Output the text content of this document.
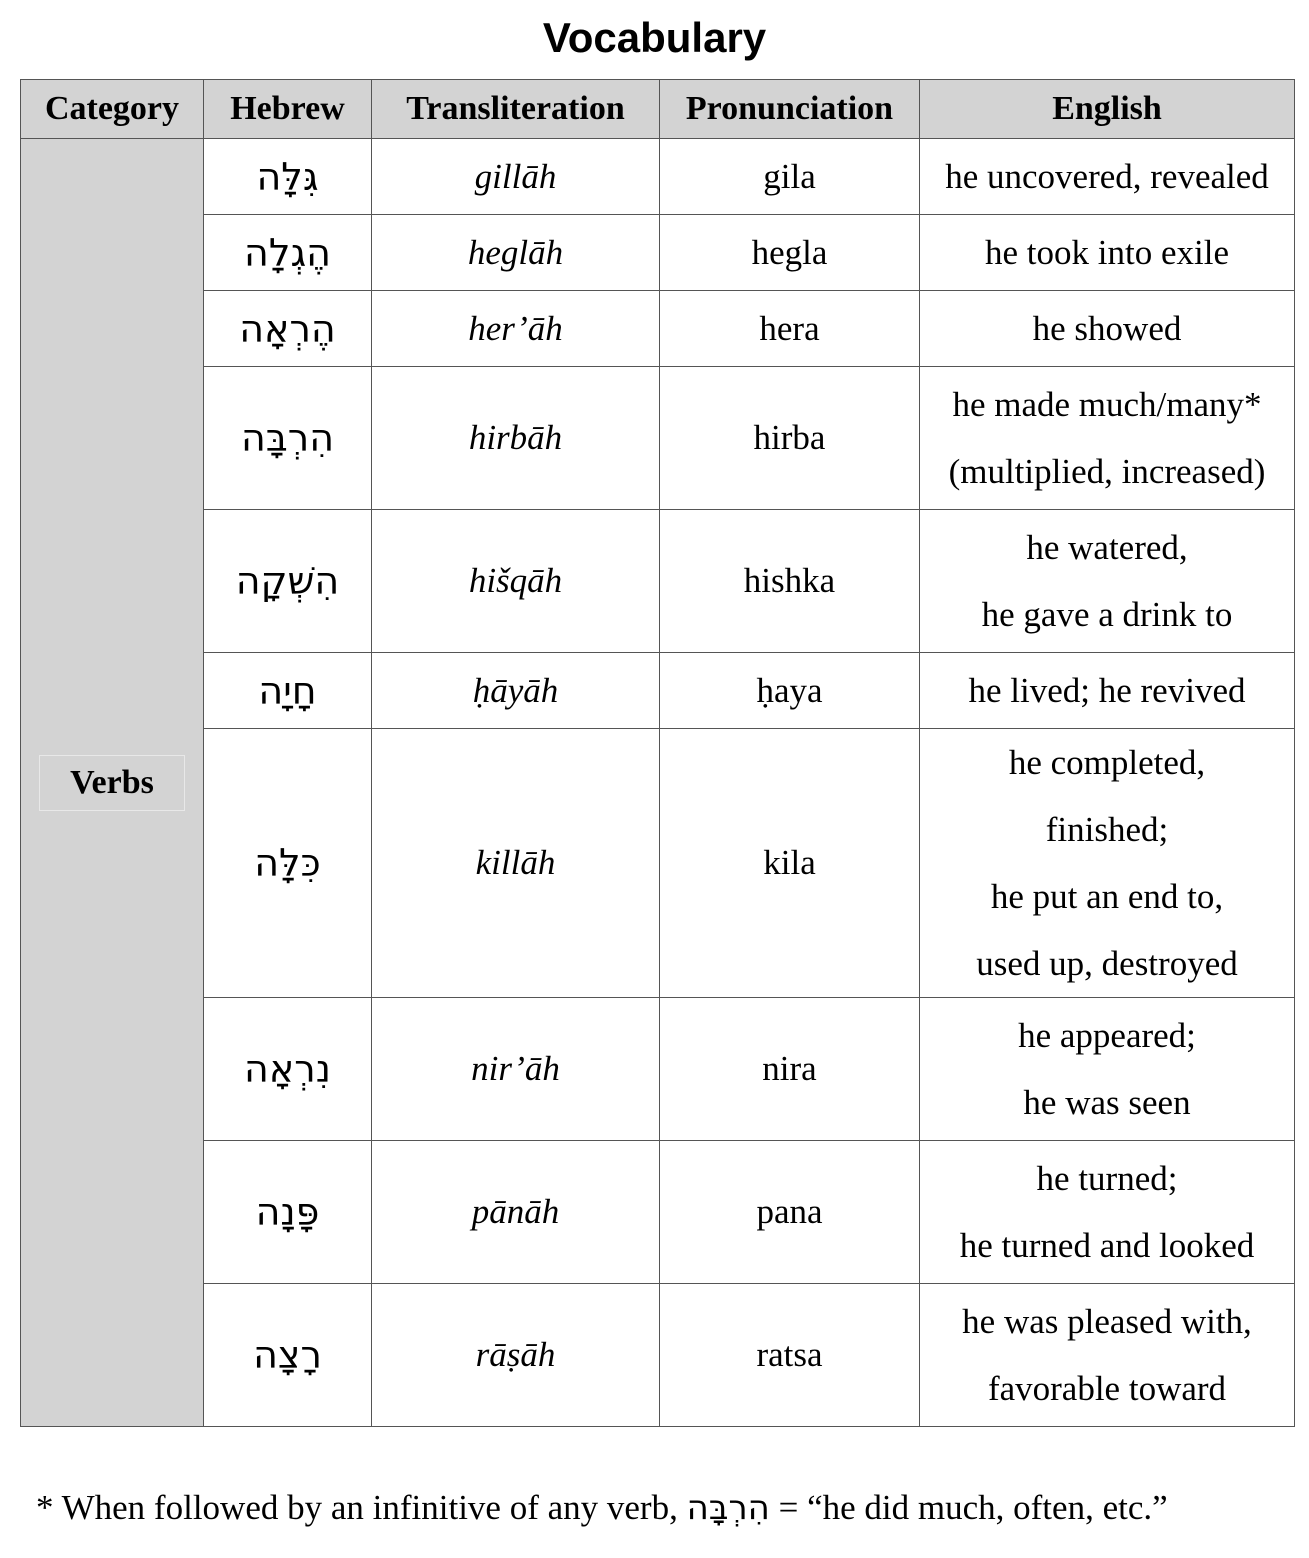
Vocabulary
Category	Hebrew	Transliteration	Pronunciation	English
Verbs	גִּלָּה	gillāh	gila	he uncovered, revealed

	הֶגְלָה	heglāh	hegla	he took into exile

	הֶרְאָה	her’āh	hera	he showed

	הִרְבָּה	hirbāh	hirba	he made much/many*
(multiplied, increased)

	הִשְׁקָה	hišqāh	hishka	he watered,
he gave a drink to

	חָיָה	ḥāyāh	ḥaya	he lived; he revived

	כִּלָּה	killāh	kila	he completed,
finished;
he put an end to,
used up, destroyed

	נִרְאָה	nir’āh	nira	he appeared;
he was seen

	פָּנָה	pānāh	pana	he turned;
he turned and looked

	רָצָה	rāṣāh	ratsa	he was pleased with,
favorable toward
* When followed by an infinitive of any verb, הִרְבָּה = “he did much, often, etc.”
